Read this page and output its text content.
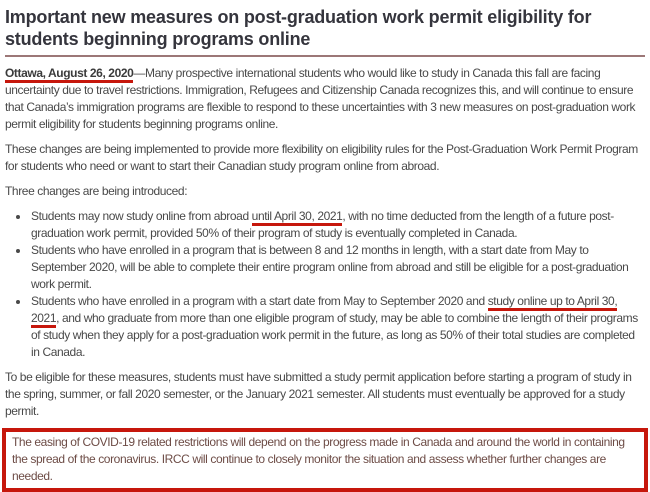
Important new measures on post-graduation work permit eligibility for students beginning programs online

Ottawa, August 26, 2020—Many prospective international students who would like to study in Canada this fall are facing uncertainty due to travel restrictions. Immigration, Refugees and Citizenship Canada recognizes this, and will continue to ensure that Canada’s immigration programs are flexible to respond to these uncertainties with 3 new measures on post-graduation work permit eligibility for students beginning programs online.

These changes are being implemented to provide more flexibility on eligibility rules for the Post-Graduation Work Permit Program for students who need or want to start their Canadian study program online from abroad.

Three changes are being introduced:

• Students may now study online from abroad until April 30, 2021, with no time deducted from the length of a future post-graduation work permit, provided 50% of their program of study is eventually completed in Canada.
• Students who have enrolled in a program that is between 8 and 12 months in length, with a start date from May to September 2020, will be able to complete their entire program online from abroad and still be eligible for a post-graduation work permit.
• Students who have enrolled in a program with a start date from May to September 2020 and study online up to April 30, 2021, and who graduate from more than one eligible program of study, may be able to combine the length of their programs of study when they apply for a post-graduation work permit in the future, as long as 50% of their total studies are completed in Canada.

To be eligible for these measures, students must have submitted a study permit application before starting a program of study in the spring, summer, or fall 2020 semester, or the January 2021 semester. All students must eventually be approved for a study permit.

The easing of COVID-19 related restrictions will depend on the progress made in Canada and around the world in containing the spread of the coronavirus. IRCC will continue to closely monitor the situation and assess whether further changes are needed.
